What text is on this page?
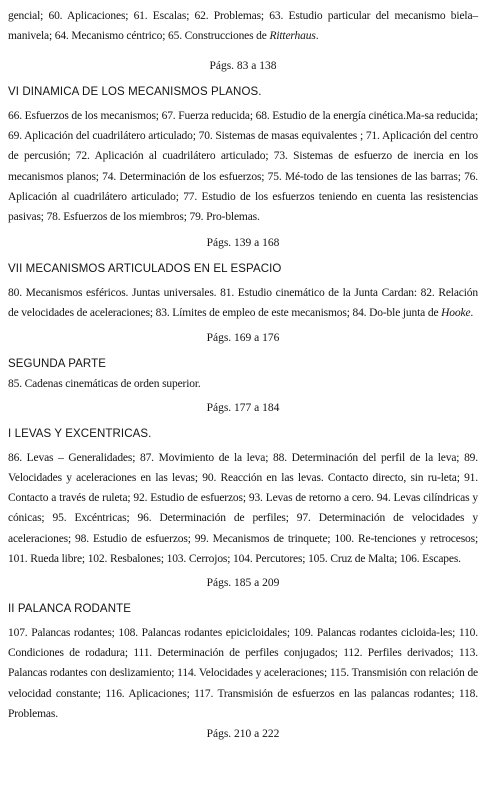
gencial; 60. Aplicaciones; 61. Escalas; 62. Problemas; 63. Estudio particular del mecanismo biela–manivela; 64. Mecanismo céntrico; 65. Construcciones de Ritterhaus.

Págs. 83 a 138

VI DINAMICA DE LOS MECANISMOS PLANOS.

66. Esfuerzos de los mecanismos; 67. Fuerza reducida; 68. Estudio de la energía cinética.Ma-sa reducida; 69. Aplicación del cuadrilátero articulado; 70. Sistemas de masas equivalentes ; 71. Aplicación del centro de percusión; 72. Aplicación al cuadrilátero articulado; 73. Sistemas de esfuerzo de inercia en los mecanismos planos; 74. Determinación de los esfuerzos; 75. Mé-todo de las tensiones de las barras; 76. Aplicación al cuadrilátero articulado; 77. Estudio de los esfuerzos teniendo en cuenta las resistencias pasivas; 78. Esfuerzos de los miembros; 79. Pro-blemas.

Págs. 139 a 168

VII MECANISMOS ARTICULADOS EN EL ESPACIO

80. Mecanismos esféricos. Juntas universales. 81. Estudio cinemático de la Junta Cardan: 82. Relación de velocidades de aceleraciones; 83. Límites de empleo de este mecanismos; 84. Do-ble junta de Hooke.

Págs. 169 a 176

SEGUNDA PARTE

85. Cadenas cinemáticas de orden superior.

Págs. 177 a 184

I LEVAS Y EXCENTRICAS.

86. Levas – Generalidades; 87. Movimiento de la leva; 88. Determinación del perfil de la leva; 89. Velocidades y aceleraciones en las levas; 90. Reacción en las levas. Contacto directo, sin ru-leta; 91. Contacto a través de ruleta; 92. Estudio de esfuerzos; 93. Levas de retorno a cero. 94. Levas cilíndricas y cónicas; 95. Excéntricas; 96. Determinación de perfiles; 97. Determinación de velocidades y aceleraciones; 98. Estudio de esfuerzos; 99. Mecanismos de trinquete; 100. Re-tenciones y retrocesos; 101. Rueda libre; 102. Resbalones; 103. Cerrojos; 104. Percutores; 105. Cruz de Malta; 106. Escapes.

Págs. 185 a 209

II PALANCA RODANTE

107. Palancas rodantes; 108. Palancas rodantes epicicloidales; 109. Palancas rodantes cicloida-les; 110. Condiciones de rodadura; 111. Determinación de perfiles conjugados; 112. Perfiles derivados; 113. Palancas rodantes con deslizamiento; 114. Velocidades y aceleraciones; 115. Transmisión con relación de velocidad constante; 116. Aplicaciones; 117. Transmisión de esfuerzos en las palancas rodantes; 118. Problemas.

Págs. 210 a 222
